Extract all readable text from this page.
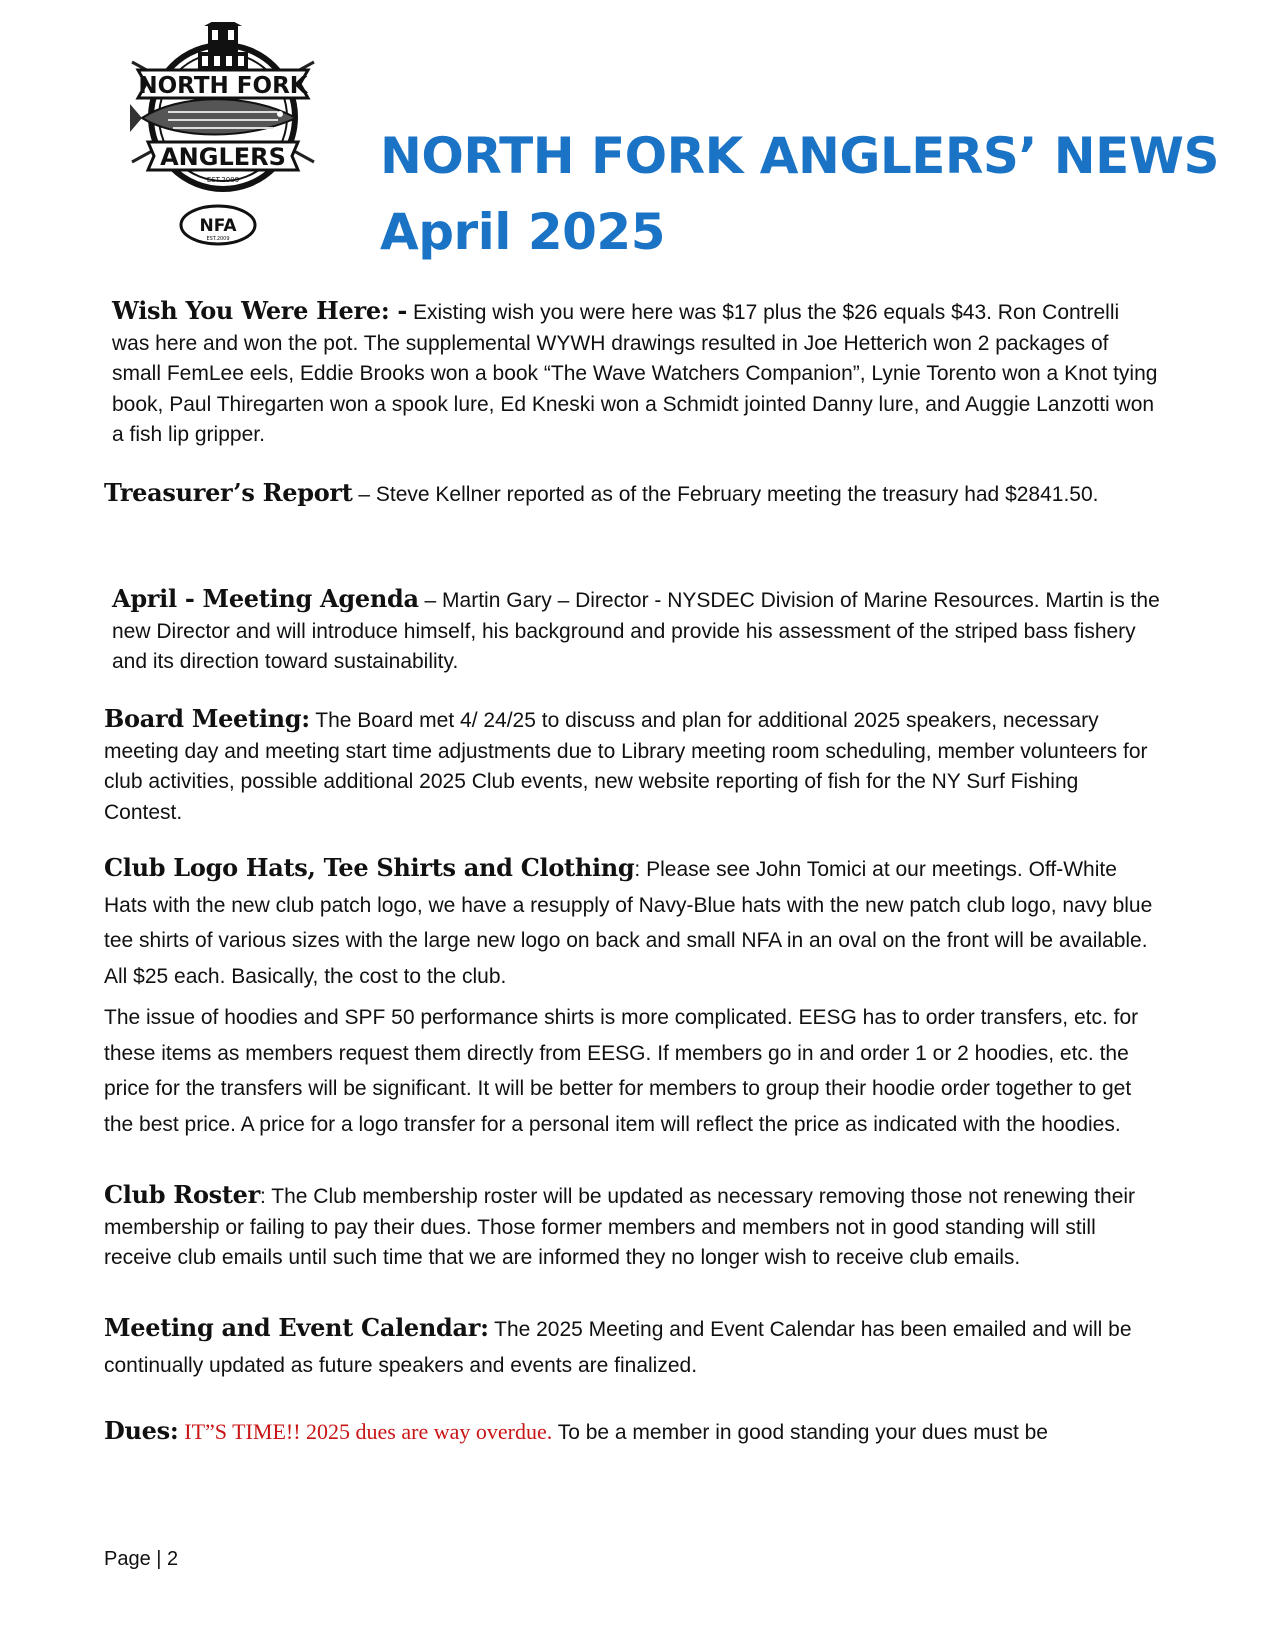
NORTH FORK
ANGLERS
EST.2009
NFA
EST.2009
NORTH FORK ANGLERS’ NEWS
April 2025
Wish You Were Here: - Existing wish you were here was $17 plus the $26 equals $43. Ron Contrelli was here and won the pot. The supplemental WYWH drawings resulted in Joe Hetterich won 2 packages of small FemLee eels, Eddie Brooks won a book “The Wave Watchers Companion”, Lynie Torento won a Knot tying book, Paul Thiregarten won a spook lure, Ed Kneski won a Schmidt jointed Danny lure, and Auggie Lanzotti won a fish lip gripper.
Treasurer’s Report – Steve Kellner reported as of the February meeting the treasury had $2841.50.
April - Meeting Agenda – Martin Gary – Director - NYSDEC Division of Marine Resources. Martin is the new Director and will introduce himself, his background and provide his assessment of the striped bass fishery and its direction toward sustainability.
Board Meeting: The Board met 4/ 24/25 to discuss and plan for additional 2025 speakers, necessary meeting day and meeting start time adjustments due to Library meeting room scheduling, member volunteers for club activities, possible additional 2025 Club events, new website reporting of fish for the NY Surf Fishing Contest.
Club Logo Hats, Tee Shirts and Clothing: Please see John Tomici at our meetings. Off-White Hats with the new club patch logo, we have a resupply of Navy-Blue hats with the new patch club logo, navy blue tee shirts of various sizes with the large new logo on back and small NFA in an oval on the front will be available. All $25 each. Basically, the cost to the club.
The issue of hoodies and SPF 50 performance shirts is more complicated. EESG has to order transfers, etc. for these items as members request them directly from EESG. If members go in and order 1 or 2 hoodies, etc. the price for the transfers will be significant. It will be better for members to group their hoodie order together to get the best price. A price for a logo transfer for a personal item will reflect the price as indicated with the hoodies.
Club Roster: The Club membership roster will be updated as necessary removing those not renewing their membership or failing to pay their dues. Those former members and members not in good standing will still receive club emails until such time that we are informed they no longer wish to receive club emails.
Meeting and Event Calendar: The 2025 Meeting and Event Calendar has been emailed and will be continually updated as future speakers and events are finalized.
Dues: IT”S TIME!! 2025 dues are way overdue. To be a member in good standing your dues must be
Page | 2
